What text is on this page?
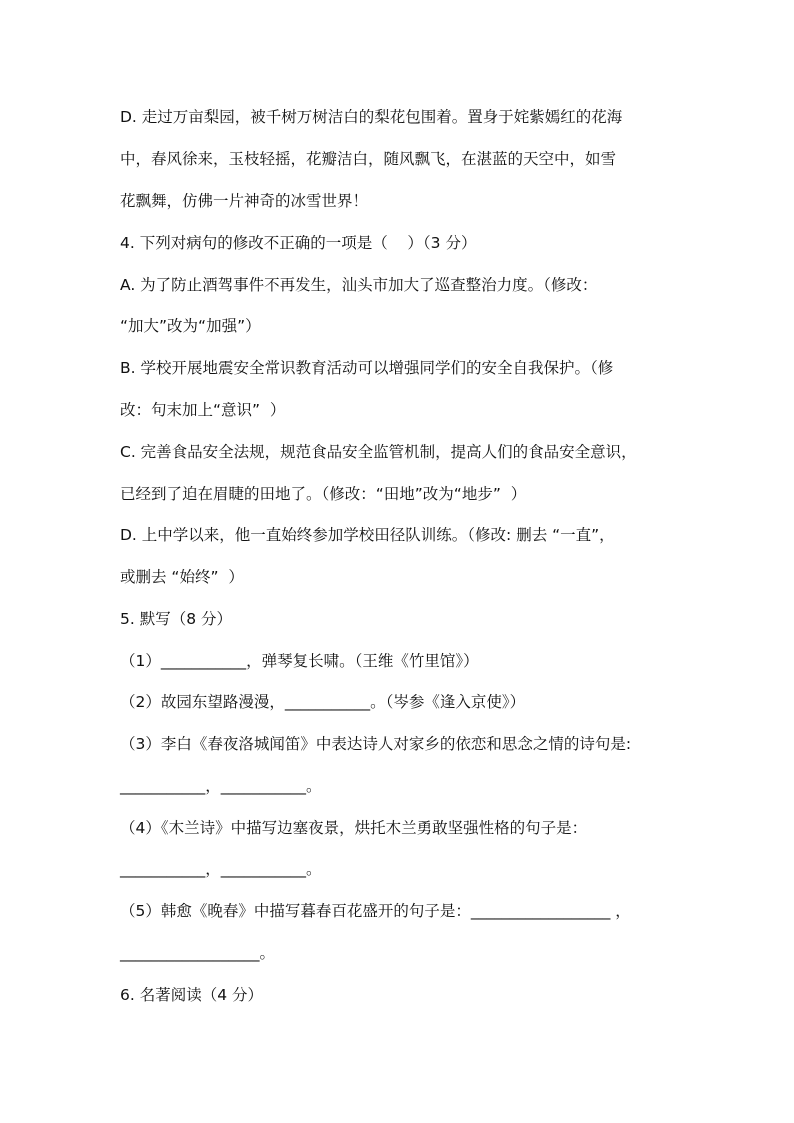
D. 走过万亩梨园，被千树万树洁白的梨花包围着。置身于姹紫嫣红的花海
中，春风徐来，玉枝轻摇，花瓣洁白，随风飘飞，在湛蓝的天空中，如雪
花飘舞，仿佛一片神奇的冰雪世界！
4. 下列对病句的修改不正确的一项是（    ）（3 分）
A. 为了防止酒驾事件不再发生，汕头市加大了巡查整治力度。（修改：
“加大”改为“加强”）
B. 学校开展地震安全常识教育活动可以增强同学们的安全自我保护。（修
改：句末加上“意识”  ）
C. 完善食品安全法规，规范食品安全监管机制，提高人们的食品安全意识，
已经到了迫在眉睫的田地了。（修改：“田地”改为“地步”  ）
D. 上中学以来，他一直始终参加学校田径队训练。（修改: 删去 “一直”，
或删去 “始终”  ）
5. 默写（8 分）
（1）___________，弹琴复长啸。（王维《竹里馆》）
（2）故园东望路漫漫，___________。（岑参《逢入京使》）
（3）李白《春夜洛城闻笛》中表达诗人对家乡的依恋和思念之情的诗句是:
___________，___________。
（4）《木兰诗》中描写边塞夜景，烘托木兰勇敢坚强性格的句子是：
___________，___________。
（5）韩愈《晚春》中描写暮春百花盛开的句子是：__________________ ，
__________________。
6. 名著阅读（4 分）
